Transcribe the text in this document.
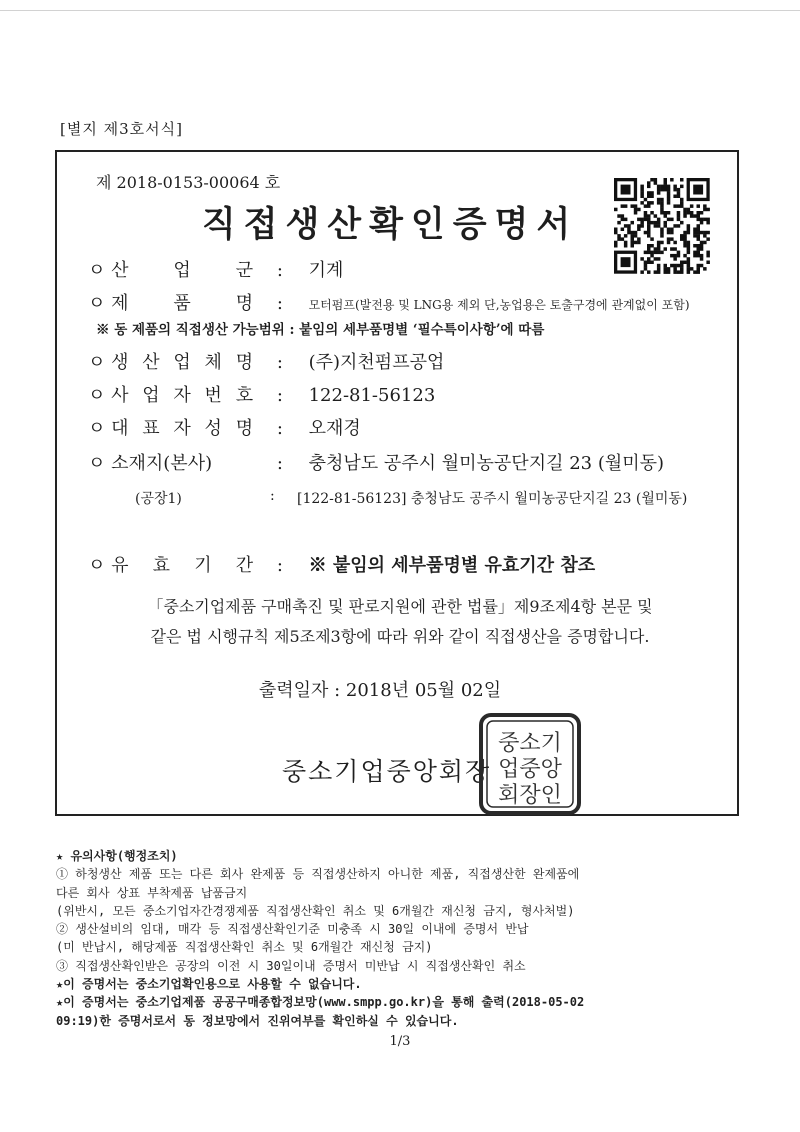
[별지 제3호서식]
제 2018-0153-00064 호
직접생산확인증명서
ㅇ 산 업 군 : 기계
ㅇ 제 품 명 : 모터펌프(발전용 및 LNG용 제외 단,농업용은 토출구경에 관계없이 포함)
※ 동 제품의 직접생산 가능범위 : 붙임의 세부품명별 ‘필수특이사항’에 따름
ㅇ 생 산 업 체 명 : (주)지천펌프공업
ㅇ 사 업 자 번 호 : 122-81-56123
ㅇ 대 표 자 성 명 : 오재경
ㅇ 소재지(본사)	: 충청남도 공주시 월미농공단지길 23 (월미동)
(공장1)	: [122-81-56123] 충청남도 공주시 월미농공단지길 23 (월미동)
ㅇ 유 효 기 간 : ※ 붙임의 세부품명별 유효기간 참조
「중소기업제품 구매촉진 및 판로지원에 관한 법률」제9조제4항 본문 및
같은 법 시행규칙 제5조제3항에 따라 위와 같이 직접생산을 증명합니다.
출력일자 : 2018년 05월 02일
중소기업중앙회장
중소기
업중앙
회장인
★ 유의사항(행정조치)
① 하청생산 제품 또는 다른 회사 완제품 등 직접생산하지 아니한 제품, 직접생산한 완제품에
다른 회사 상표 부착제품 납품금지
(위반시, 모든 중소기업자간경쟁제품 직접생산확인 취소 및 6개월간 재신청 금지, 형사처벌)
② 생산설비의 임대, 매각 등 직접생산확인기준 미충족 시 30일 이내에 증명서 반납
(미 반납시, 해당제품 직접생산확인 취소 및 6개월간 재신청 금지)
③ 직접생산확인받은 공장의 이전 시 30일이내 증명서 미반납 시 직접생산확인 취소
★이 증명서는 중소기업확인용으로 사용할 수 없습니다.
★이 증명서는 중소기업제품 공공구매종합정보망(www.smpp.go.kr)을 통해 출력(2018-05-02
09:19)한 증명서로서 동 정보망에서 진위여부를 확인하실 수 있습니다.
1/3
